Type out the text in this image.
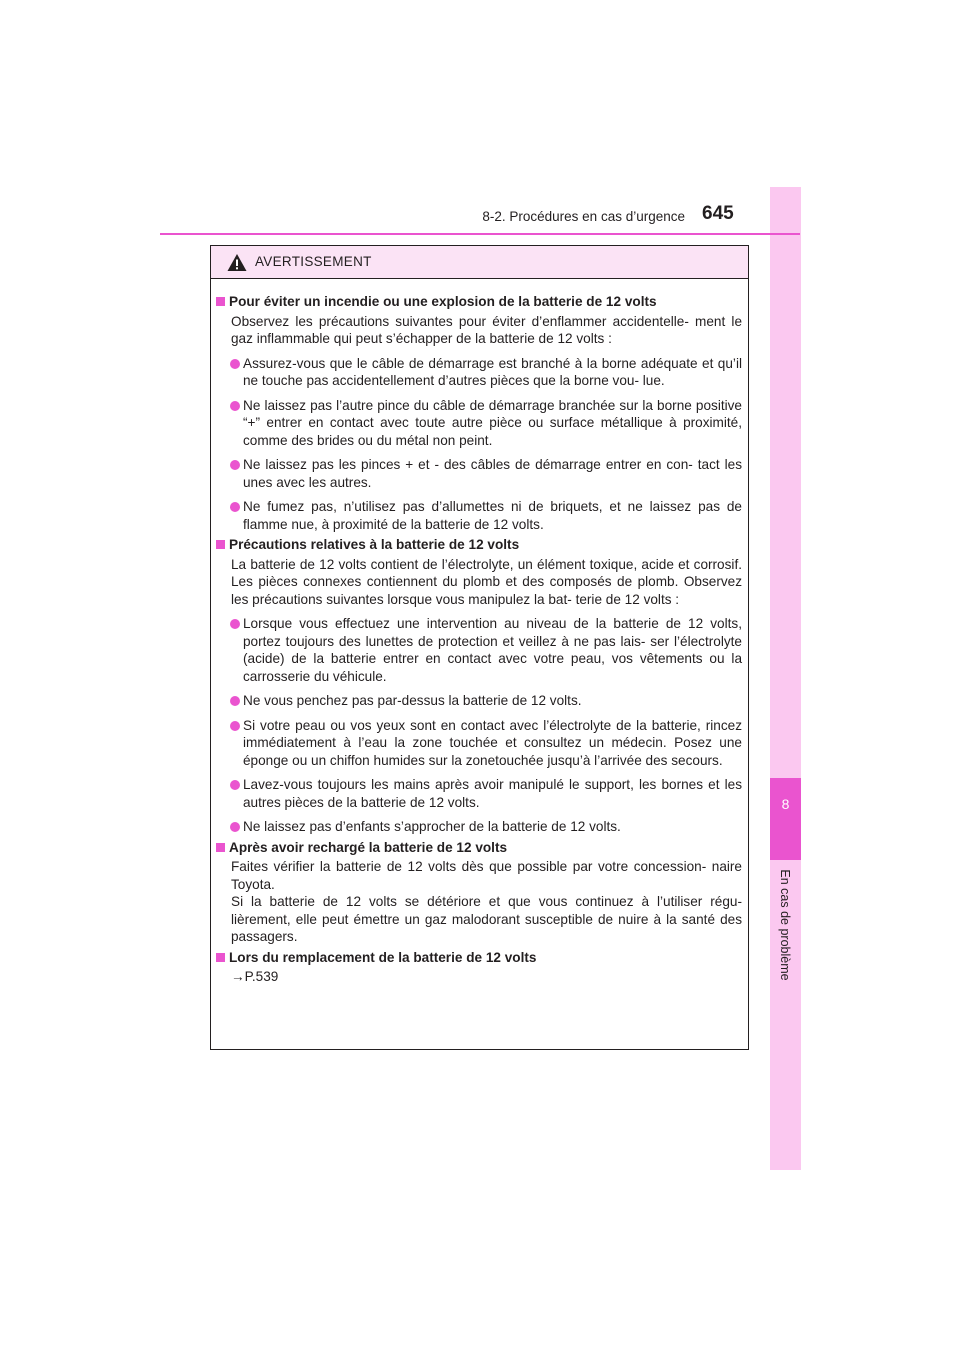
8
En cas de problème
8-2. Procédures en cas d’urgence 645
AVERTISSEMENT
Pour éviter un incendie ou une explosion de la batterie de 12 volts
Observez les précautions suivantes pour éviter d’enflammer accidentelle- ment le gaz inflammable qui peut s’échapper de la batterie de 12 volts :
Assurez-vous que le câble de démarrage est branché à la borne adéquate et qu’il ne touche pas accidentellement d’autres pièces que la borne vou- lue.
Ne laissez pas l’autre pince du câble de démarrage branchée sur la borne positive “+” entrer en contact avec toute autre pièce ou surface métallique à proximité, comme des brides ou du métal non peint.
Ne laissez pas les pinces + et - des câbles de démarrage entrer en con- tact les unes avec les autres.
Ne fumez pas, n’utilisez pas d’allumettes ni de briquets, et ne laissez pas de flamme nue, à proximité de la batterie de 12 volts.
Précautions relatives à la batterie de 12 volts
La batterie de 12 volts contient de l’électrolyte, un élément toxique, acide et corrosif. Les pièces connexes contiennent du plomb et des composés de plomb. Observez les précautions suivantes lorsque vous manipulez la bat- terie de 12 volts :
Lorsque vous effectuez une intervention au niveau de la batterie de 12 volts, portez toujours des lunettes de protection et veillez à ne pas lais- ser l’électrolyte (acide) de la batterie entrer en contact avec votre peau, vos vêtements ou la carrosserie du véhicule.
Ne vous penchez pas par-dessus la batterie de 12 volts.
Si votre peau ou vos yeux sont en contact avec l’électrolyte de la batterie, rincez immédiatement à l’eau la zone touchée et consultez un médecin. Posez une éponge ou un chiffon humides sur la zonetouchée jusqu’à l’arrivée des secours.
Lavez-vous toujours les mains après avoir manipulé le support, les bornes et les autres pièces de la batterie de 12 volts.
Ne laissez pas d’enfants s’approcher de la batterie de 12 volts.
Après avoir rechargé la batterie de 12 volts
Faites vérifier la batterie de 12 volts dès que possible par votre concession- naire Toyota.
Si la batterie de 12 volts se détériore et que vous continuez à l’utiliser régu- lièrement, elle peut émettre un gaz malodorant susceptible de nuire à la santé des passagers.
Lors du remplacement de la batterie de 12 volts
→P.539
